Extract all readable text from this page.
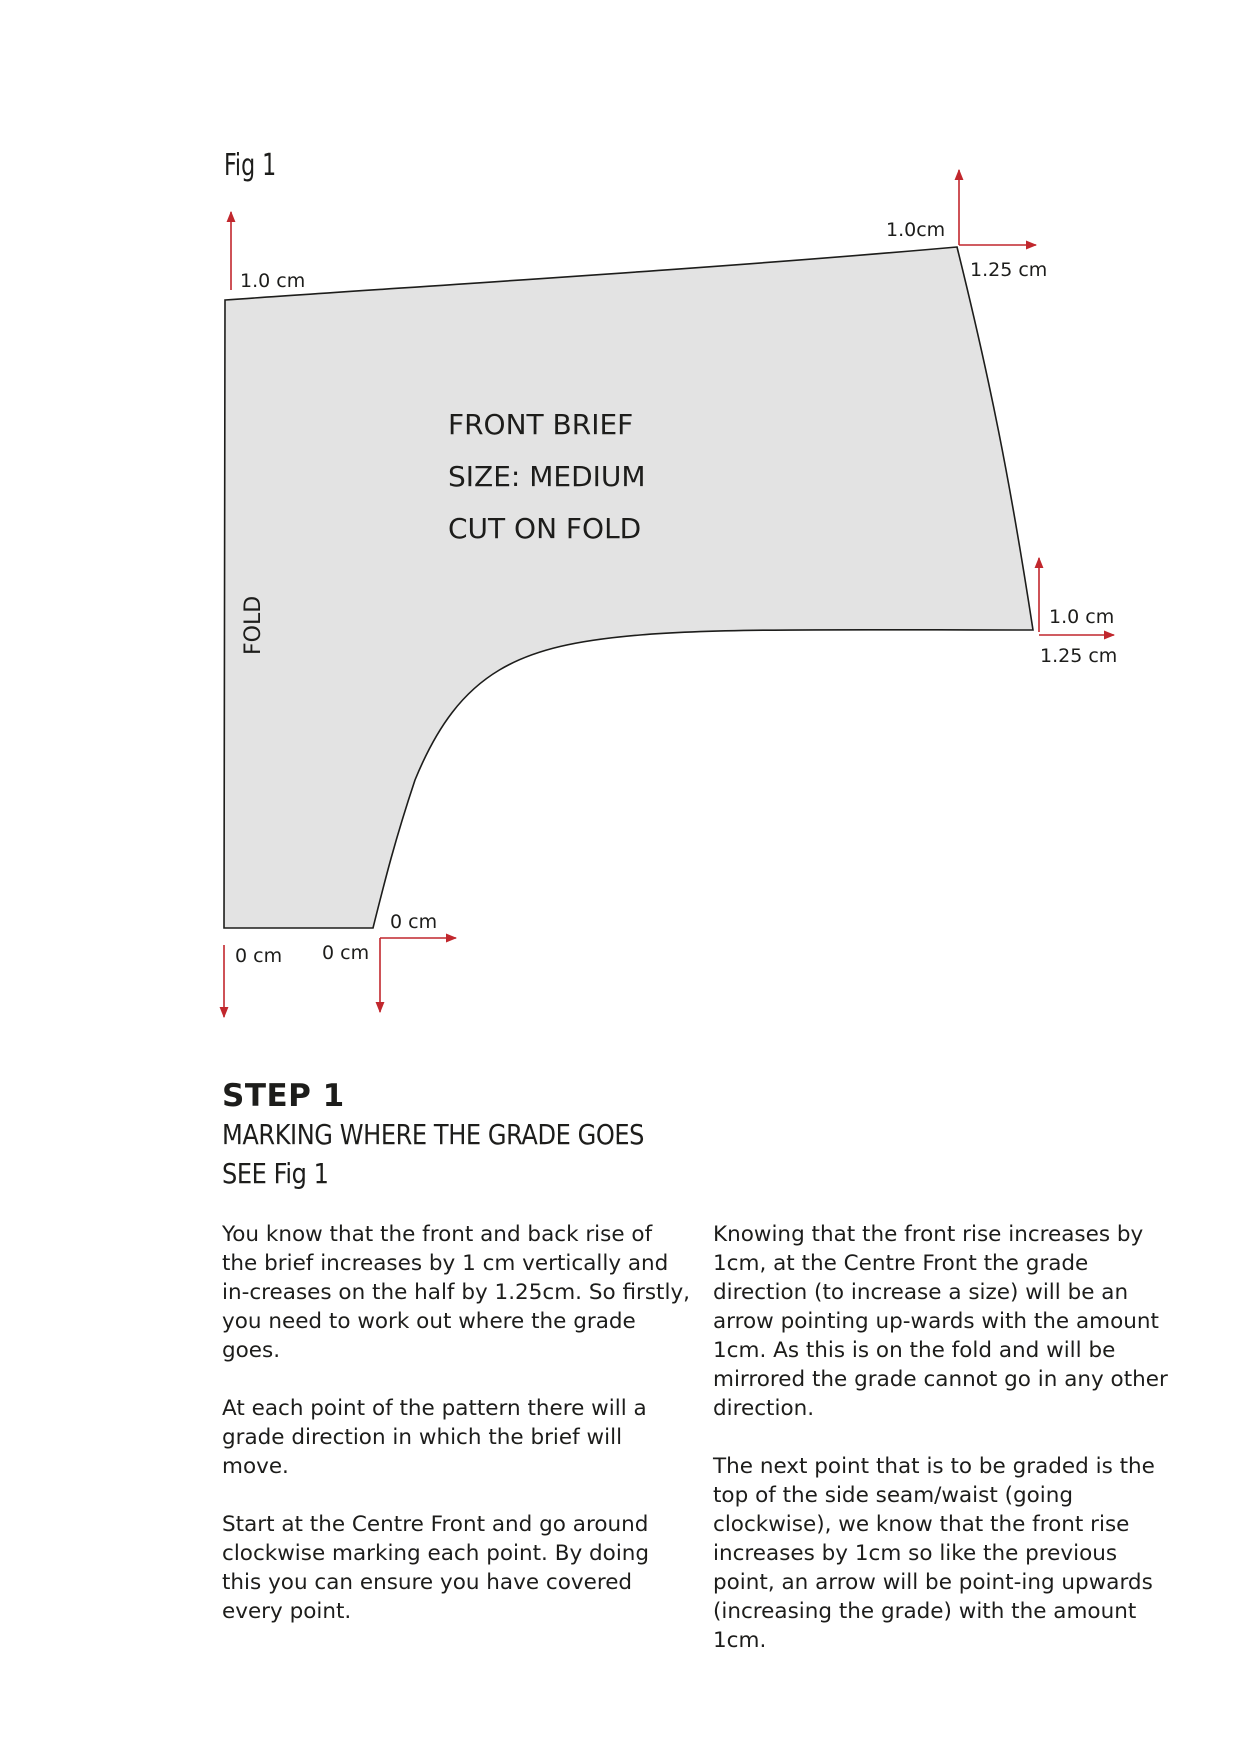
Fig 1
FRONT BRIEF
SIZE: MEDIUM
CUT ON FOLD
FOLD
1.0 cm
1.0cm
1.25 cm
1.0 cm
1.25 cm
0 cm
0 cm
0 cm
STEP 1
MARKING WHERE THE GRADE GOES
SEE Fig 1

You know that the front and back rise of the brief increases by 1 cm vertically and in-creases on the half by 1.25cm. So firstly, you need to work out where the grade goes.

At each point of the pattern there will a grade direction in which the brief will move.

Start at the Centre Front and go around clockwise marking each point. By doing this you can ensure you have covered every point.

Knowing that the front rise increases by 1cm, at the Centre Front the grade direction (to increase a size) will be an arrow pointing up-wards with the amount 1cm. As this is on the fold and will be mirrored the grade cannot go in any other direction.

The next point that is to be graded is the top of the side seam/waist (going clockwise), we know that the front rise increases by 1cm so like the previous point, an arrow will be point-ing upwards (increasing the grade) with the amount 1cm.
